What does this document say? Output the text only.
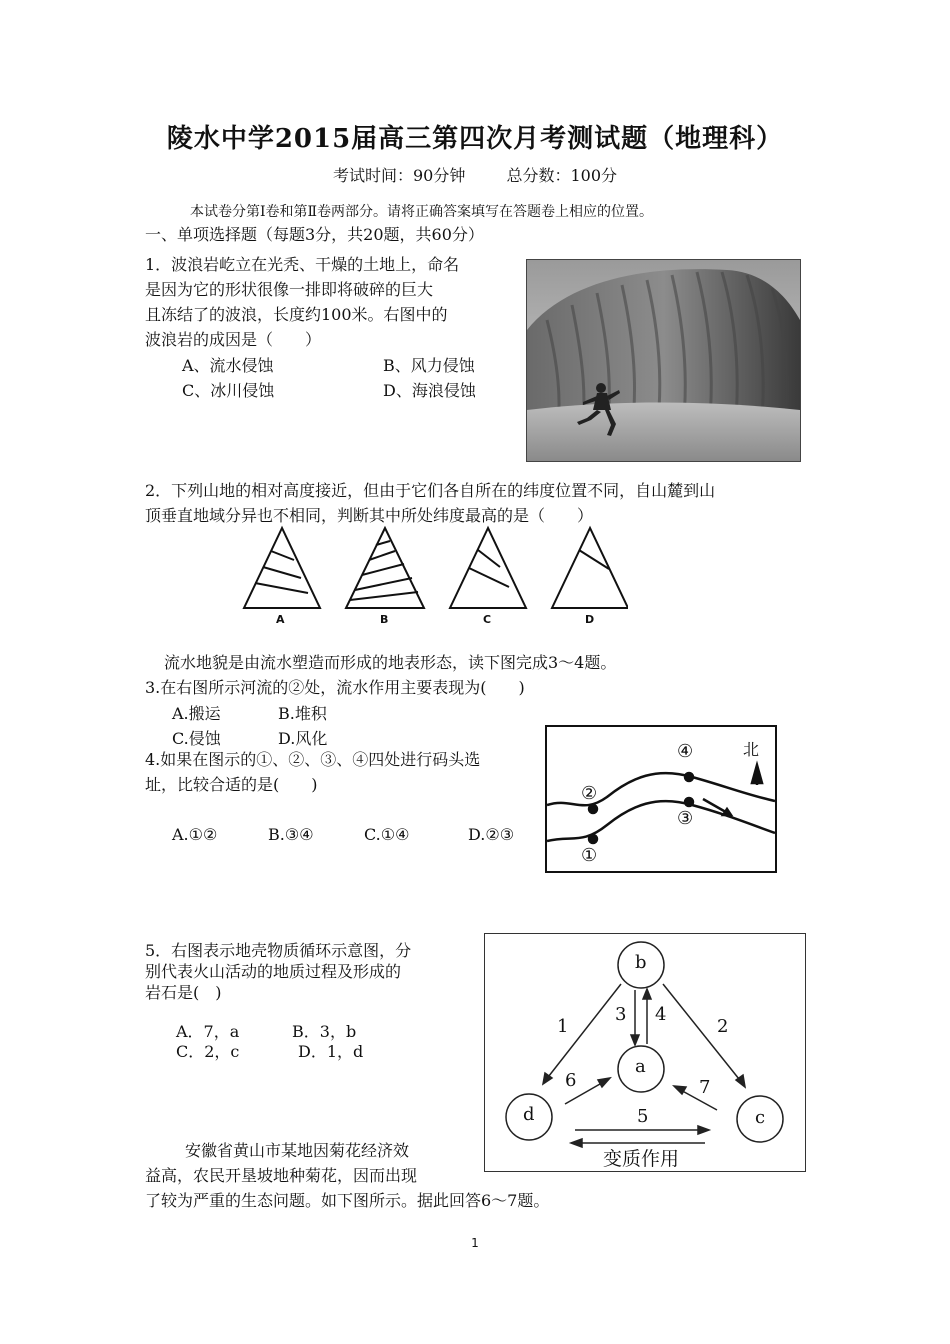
陵水中学2015届高三第四次月考测试题（地理科）
考试时间：90分钟	总分数：100分
本试卷分第Ⅰ卷和第Ⅱ卷两部分。请将正确答案填写在答题卷上相应的位置。
一、单项选择题（每题3分，共20题，共60分）
1．波浪岩屹立在光秃、干燥的土地上，命名
是因为它的形状很像一排即将破碎的巨大
且冻结了的波浪，长度约100米。右图中的
波浪岩的成因是（　　）
A、流水侵蚀	B、风力侵蚀
C、冰川侵蚀	D、海浪侵蚀
2．下列山地的相对高度接近，但由于它们各自所在的纬度位置不同，自山麓到山
顶垂直地域分异也不相同，判断其中所处纬度最高的是（　　）
A	B	C	D
流水地貌是由流水塑造而形成的地表形态，读下图完成3～4题。
3.在右图所示河流的②处，流水作用主要表现为(　　)
A.搬运	B.堆积
C.侵蚀	D.风化
4.如果在图示的①、②、③、④四处进行码头选
址，比较合适的是(　　)
A.①②	B.③④	C.①④	D.②③
北
①
②
③
④
5．右图表示地壳物质循环示意图，分
别代表火山活动的地质过程及形成的
岩石是(　)
A．7，a	B．3，b
C．2，c	D．1，d
b
a
d	c
1	2
3 4
5
6	7
变质作用
安徽省黄山市某地因菊花经济效
益高，农民开垦坡地种菊花，因而出现
了较为严重的生态问题。如下图所示。据此回答6～7题。
1
